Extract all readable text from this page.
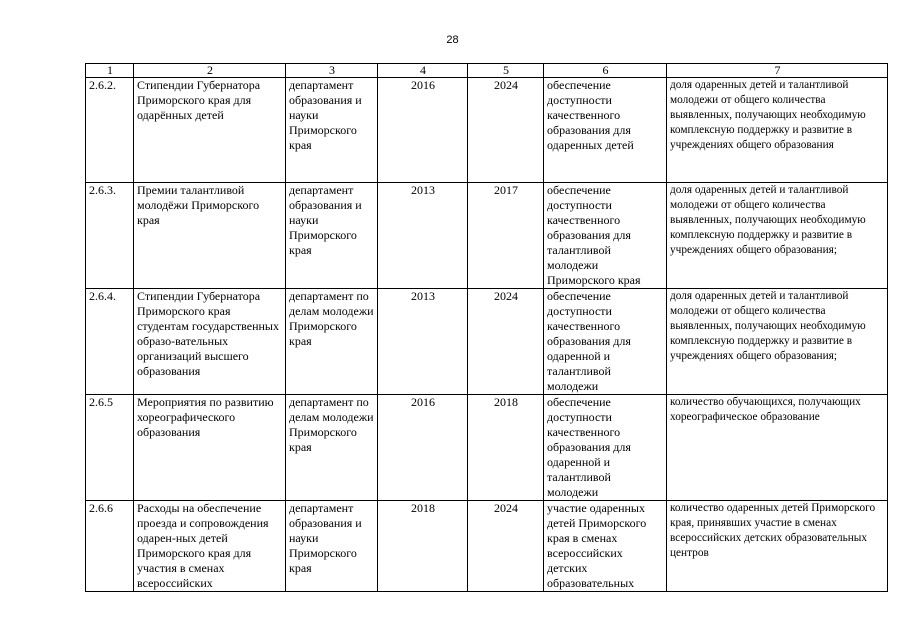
28
1	2	3	4	5	6	7
2.6.2.	Стипендии Губернатора Приморского края для одарённых детей	департамент образования и науки Приморского края	2016	2024	обеспечение доступности качественного образования для одаренных детей	доля одаренных детей и талантливой молодежи от общего количества выявленных, получающих необходимую комплексную поддержку и развитие в учреждениях общего образования
2.6.3.	Премии талантливой молодёжи Приморского края	департамент образования и науки Приморского края	2013	2017	обеспечение доступности качественного образования для талантливой молодежи Приморского края	доля одаренных детей и талантливой молодежи от общего количества выявленных, получающих необходимую комплексную поддержку и развитие в учреждениях общего образования;
2.6.4.	Стипендии Губернатора Приморского края студентам государственных образо-вательных организаций высшего образования	департамент по делам молодежи Приморского края	2013	2024	обеспечение доступности качественного образования для одаренной и талантливой молодежи	доля одаренных детей и талантливой молодежи от общего количества выявленных, получающих необходимую комплексную поддержку и развитие в учреждениях общего образования;
2.6.5	Мероприятия по развитию хореографического образования	департамент по делам молодежи Приморского края	2016	2018	обеспечение доступности качественного образования для одаренной и талантливой молодежи	количество обучающихся, получающих хореографическое образование
2.6.6	Расходы на обеспечение проезда и сопровождения одарен-ных детей Приморского края для участия в сменах всероссийских	департамент образования и науки Приморского края	2018	2024	участие одаренных детей Приморского края в сменах всероссийских детских образовательных	количество одаренных детей Приморского края, принявших участие в сменах всероссийских детских образовательных центров
